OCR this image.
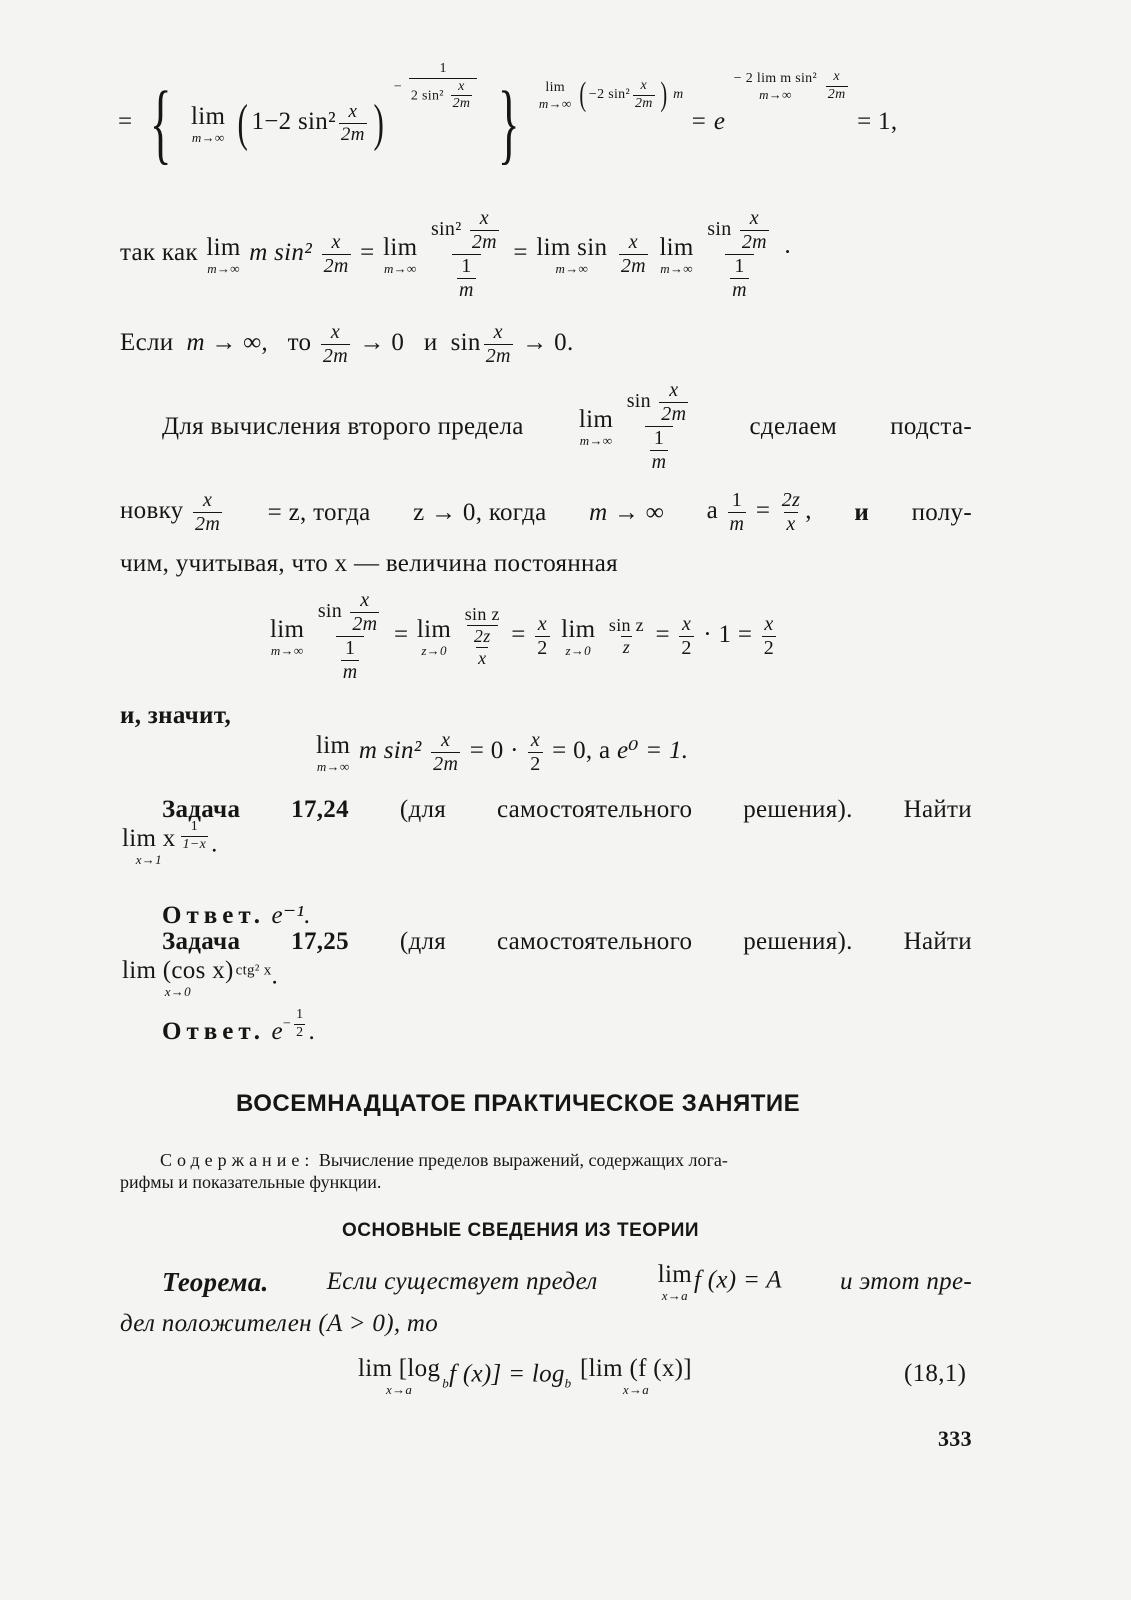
= { lim
m→∞ ( 1−2 $\sin^2 \frac{x}{2m}$ ) − $\frac{1}{2 \sin^2 \frac{x}{2m}}$ } lim
m→∞ ( −2 $\sin^2 \frac{x}{2m}$ ) m = e
− 2 lim m sin²
m→∞
$\frac{x}{2m}$
= 1,
так как lim
m→∞
m $\sin^2 \frac{x}{2m} = \lim$
m→∞
$\frac{\sin^2 \frac{x}{2m}}{\frac{1}{m}} = \lim \sin$
m→∞
$\frac{x}{2m}$
lim
m→∞
$\frac{\sin \frac{x}{2m}}{\frac{1}{m}}$ ·
Если m → ∞, то $\frac{x}{2m} \to 0$ и $\sin \frac{x}{2m} \to 0$.
Для вычисления второго предела lim
m→∞
$\frac{\sin \frac{x}{2m}}{\frac{1}{m}}$ сделаем подста-
новку $\frac{x}{2m} = z$, тогда z → 0, когда m → ∞ а $\frac{1}{m} = \frac{2z}{x}$ , и полу-
чим, учитывая, что x — величина постоянная
lim
m→∞
$\frac{\sin \frac{x}{2m}}{\frac{1}{m}} = \lim$
z→0
$\frac{\text{sin z}}{\frac{2z}{x}} = \frac{x}{2}$
lim
z→0
$\frac{\text{sin z}}{z} = \frac{x}{2} \cdot 1 = \frac{x}{2}$
и, значит,
lim
m→∞
m $\sin^2 \frac{x}{2m} = 0 \cdot \frac{x}{2} = 0$, а e⁰ = 1.
Задача 17,24 (для самостоятельного решения). Найти
lim x
x→1
$\frac{1}{1-x}$ .
Ответ. e⁻¹.
Задача 17,25 (для самостоятельного решения). Найти
lim (cos x)
x→0
$^{ctg^2 x}$.
Ответ. $e- \frac{1}{2}$ .
ВОСЕМНАДЦАТОЕ ПРАКТИЧЕСКОЕ ЗАНЯТИЕ
Содержание: Вычисление пределов выражений, содержащих лога-
рифмы и показательные функции.
ОСНОВНЫЕ СВЕДЕНИЯ ИЗ ТЕОРИИ
Теорема. Если существует предел lim
x→a
f (x) = A и этот пре-
дел положителен (A > 0), то
lim [log
x→a $_b$f $(x)] = \log_b$
[lim (f (x)]
x→a
(18,1)
333
